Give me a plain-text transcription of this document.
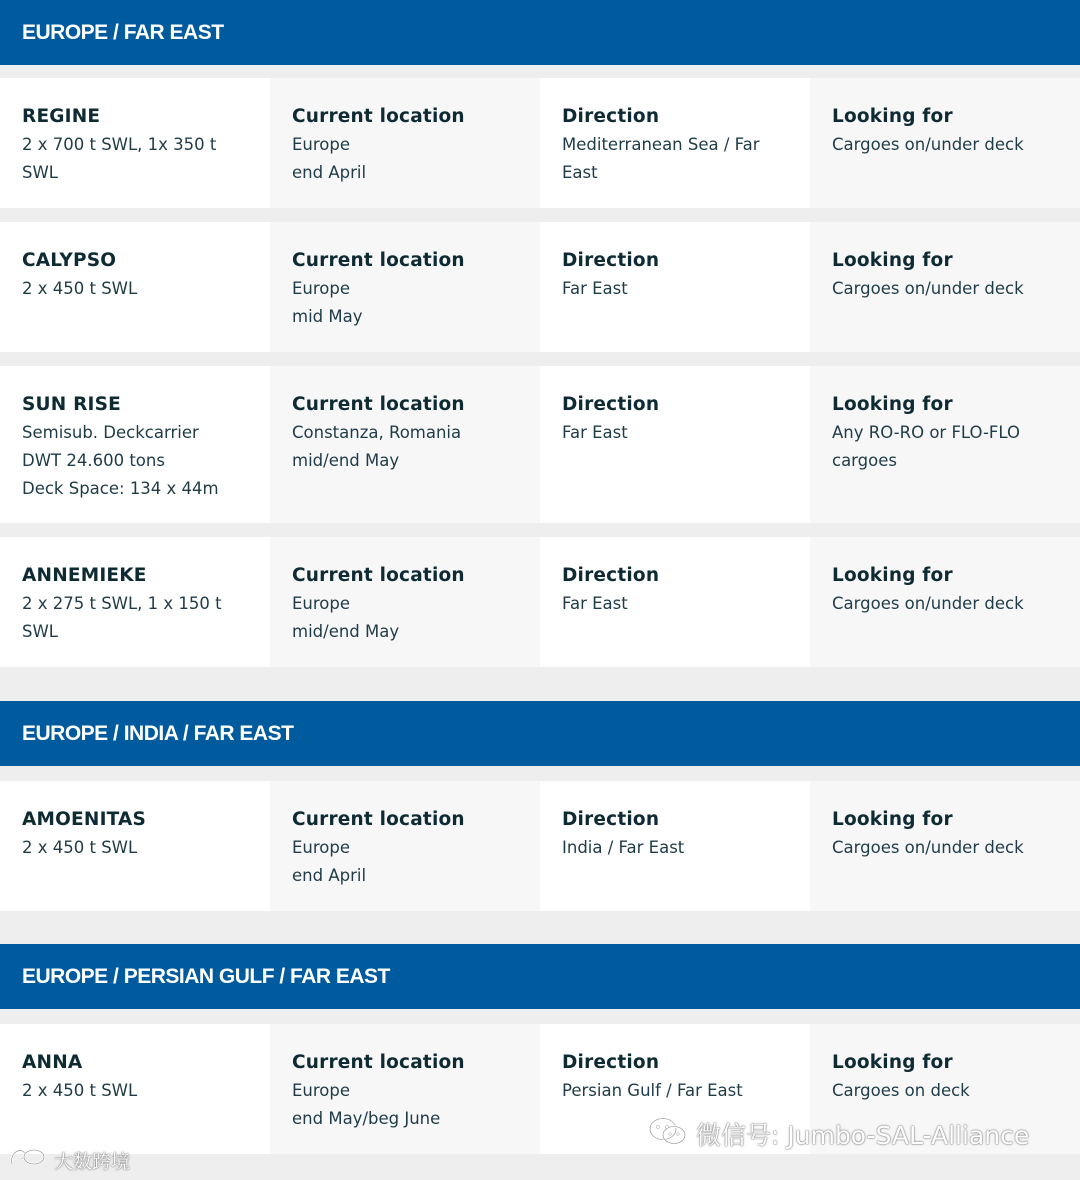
EUROPE / FAR EAST
REGINE
2 x 700 t SWL, 1x 350 t
SWL
Current location
Europe
end April
Direction
Mediterranean Sea / Far East
Looking for
Cargoes on/under deck
CALYPSO
2 x 450 t SWL
Current location
Europe
mid May
Direction
Far East
Looking for
Cargoes on/under deck
SUN RISE
Semisub. Deckcarrier
DWT 24.600 tons
Deck Space: 134 x 44m
Current location
Constanza, Romania
mid/end May
Direction
Far East
Looking for
Any RO-RO or FLO-FLO
cargoes
ANNEMIEKE
2 x 275 t SWL, 1 x 150 t
SWL
Current location
Europe
mid/end May
Direction
Far East
Looking for
Cargoes on/under deck
EUROPE / INDIA / FAR EAST
AMOENITAS
2 x 450 t SWL
Current location
Europe
end April
Direction
India / Far East
Looking for
Cargoes on/under deck
EUROPE / PERSIAN GULF / FAR EAST
ANNA
2 x 450 t SWL
Current location
Europe
end May/beg June
Direction
Persian Gulf / Far East
Looking for
Cargoes on deck
微信号: Jumbo-SAL-Alliance
大数跨境
